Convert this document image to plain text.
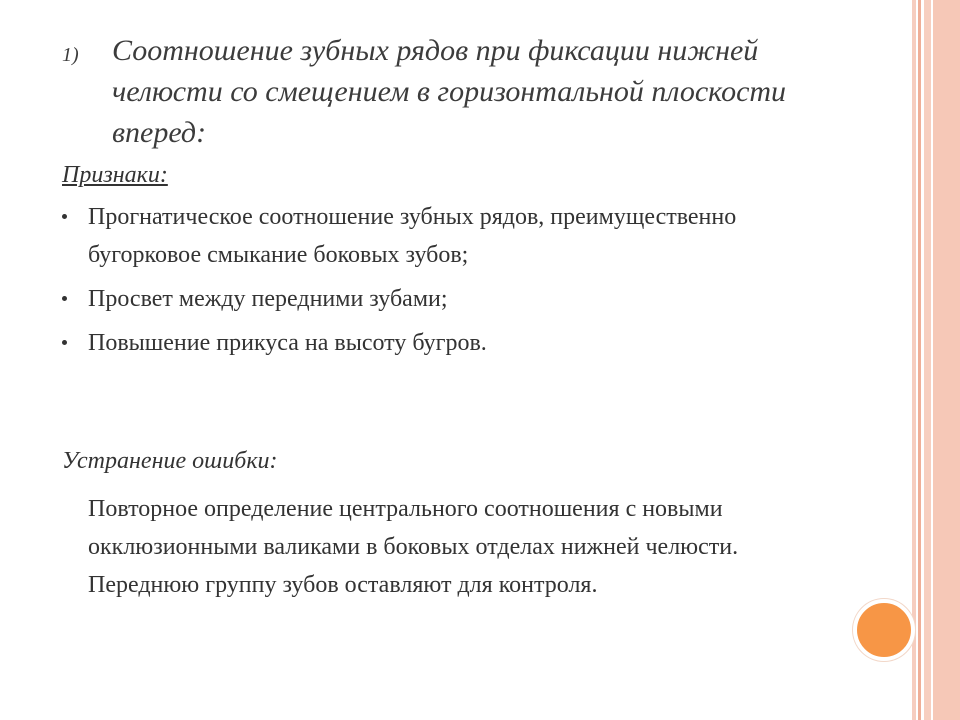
1) Соотношение зубных рядов при фиксации нижней челюсти со смещением в горизонтальной плоскости вперед:
Признаки:
Прогнатическое соотношение зубных рядов, преимущественно бугорковое смыкание боковых зубов;
Просвет между передними зубами;
Повышение прикуса на высоту бугров.
Устранение ошибки:
Повторное определение центрального соотношения с новыми окклюзионными валиками в боковых отделах нижней челюсти. Переднюю группу зубов оставляют для контроля.
